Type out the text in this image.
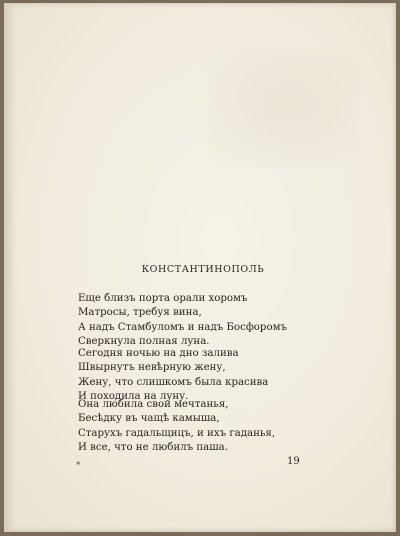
КОНСТАНТИНОПОЛЬ
Еще близъ порта орали хоромъ
Матросы, требуя вина,
А надъ Стамбуломъ и надъ Босфоромъ
Сверкнула полная луна.
Сегодня ночью на дно залива
Швырнутъ невѣрную жену,
Жену, что слишкомъ была красива
И походила на луну.
Она любила свои мечтанья,
Бесѣдку въ чащѣ камыша,
Старухъ гадальщицъ, и ихъ гаданья,
И все, что не любилъ паша.
*	19
